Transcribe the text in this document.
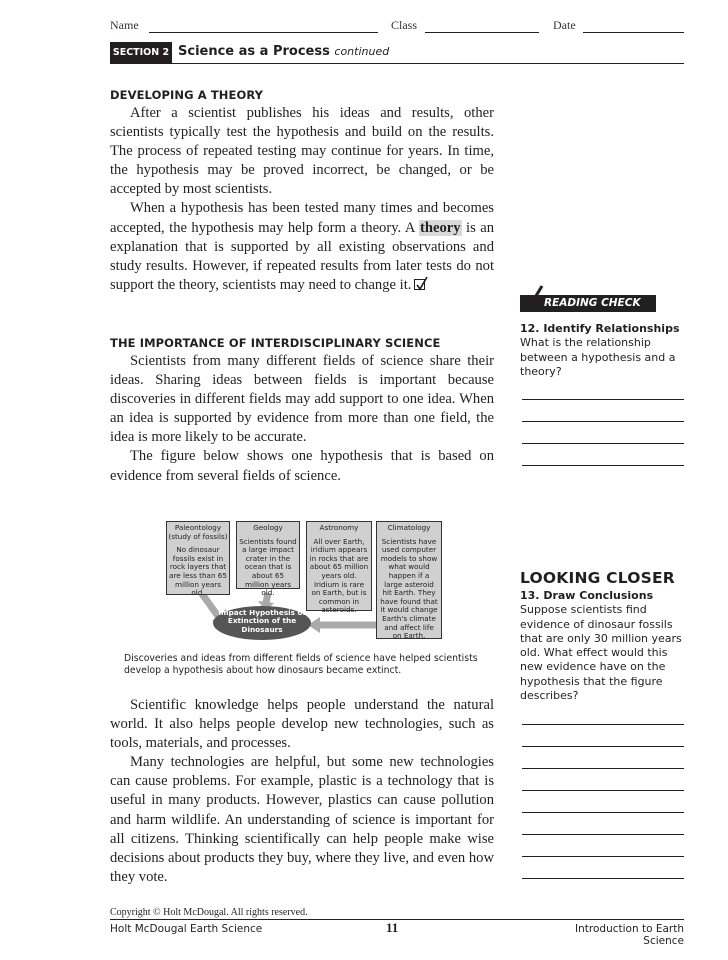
Name	Class	Date
SECTION 2 Science as a Process continued
DEVELOPING A THEORY

After a scientist publishes his ideas and results, other scientists typically test the hypothesis and build on the results. The process of repeated testing may continue for years. In time, the hypothesis may be proved incorrect, be changed, or be accepted by most scientists.

When a hypothesis has been tested many times and becomes accepted, the hypothesis may help form a theory. A theory is an explanation that is supported by all existing observations and study results. However, if repeated results from later tests do not support the theory, scientists may need to change it.

THE IMPORTANCE OF INTERDISCIPLINARY SCIENCE

Scientists from many different fields of science share their ideas. Sharing ideas between fields is important because discoveries in different fields may add support to one idea. When an idea is supported by evidence from more than one field, the idea is more likely to be accurate.

The figure below shows one hypothesis that is based on evidence from several fields of science.

Paleontology (study of fossils)
No dinosaur fossils exist in rock layers that are less than 65 million years old.
Geology
Scientists found a large impact crater in the ocean that is about 65 million years old.
Astronomy
All over Earth, iridium appears in rocks that are about 65 million years old. Iridium is rare on Earth, but is common in asteroids.
Climatology
Scientists have used computer models to show what would happen if a large asteroid hit Earth. They have found that it would change Earth's climate and affect life on Earth.
Impact Hypothesis of Extinction of the Dinosaurs
Discoveries and ideas from different fields of science have helped scientists develop a hypothesis about how dinosaurs became extinct.

Scientific knowledge helps people understand the natural world. It also helps people develop new technologies, such as tools, materials, and processes.

Many technologies are helpful, but some new technologies can cause problems. For example, plastic is a technology that is useful in many products. However, plastics can cause pollution and harm wildlife. An understanding of science is important for all citizens. Thinking scientifically can help people make wise decisions about products they buy, where they live, and even how they vote.

READING CHECK
12. Identify Relationships
What is the relationship between a hypothesis and a theory?
LOOKING CLOSER
13. Draw Conclusions
Suppose scientists find evidence of dinosaur fossils that are only 30 million years old. What effect would this new evidence have on the hypothesis that the figure describes?
Copyright © Holt McDougal. All rights reserved.
Holt McDougal Earth Science	11	Introduction to Earth Science
